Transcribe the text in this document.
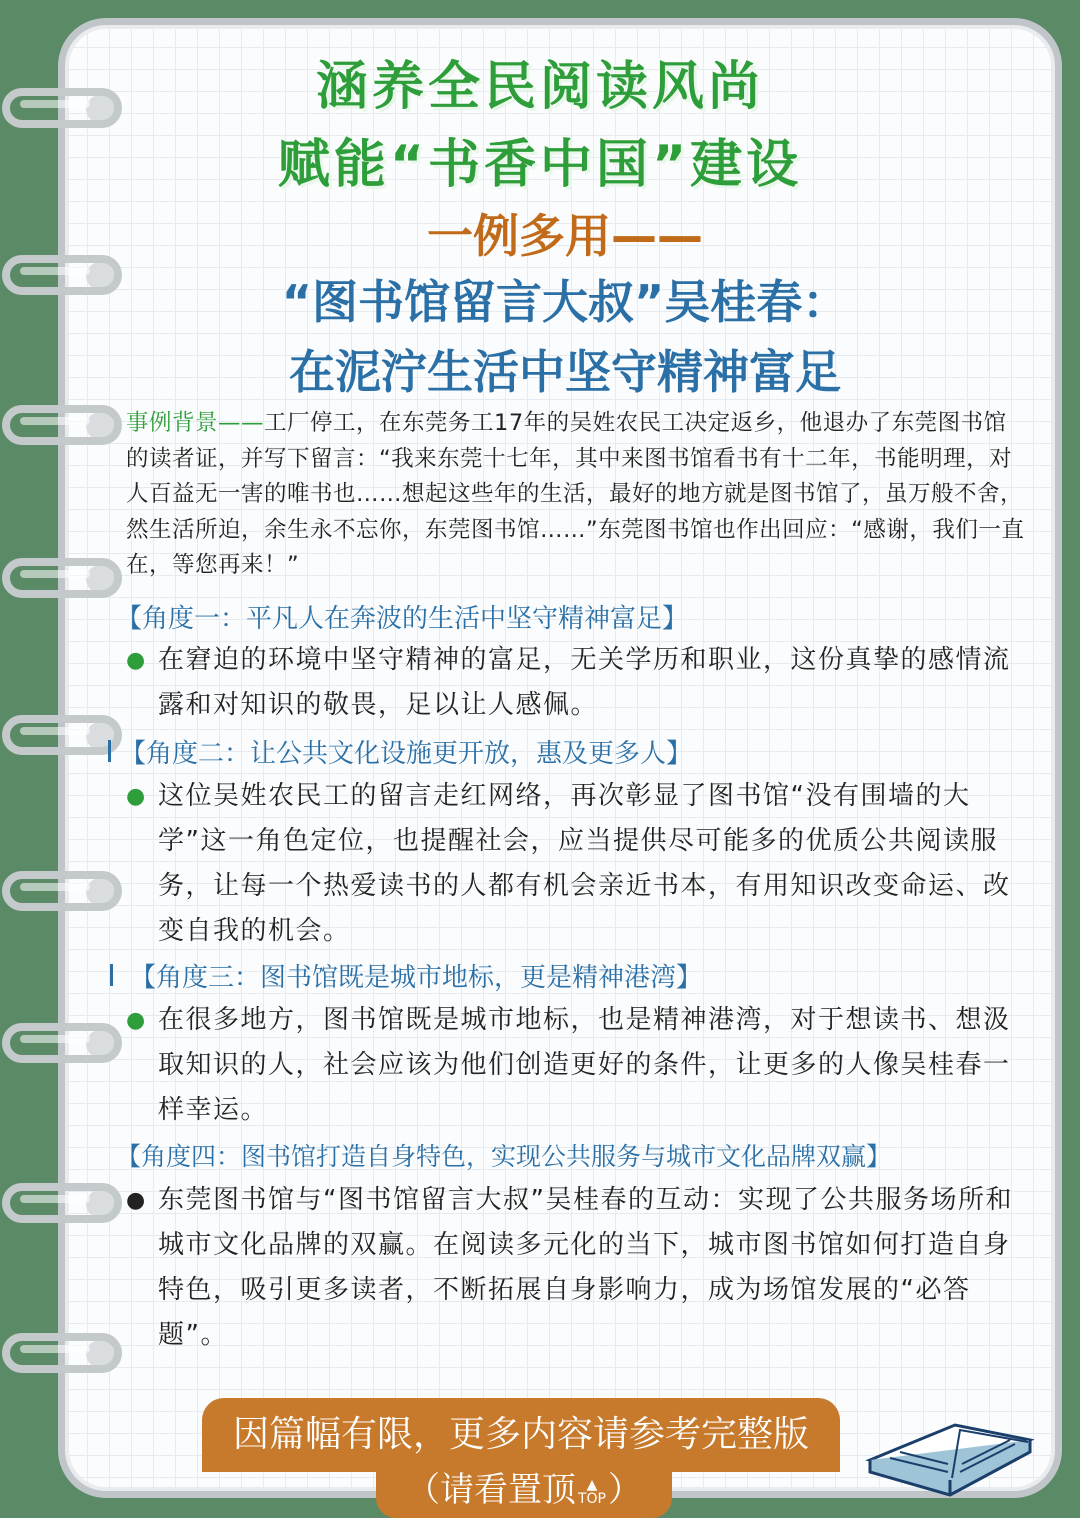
涵养全民阅读风尚
赋能“书香中国”建设
一例多用——
“图书馆留言大叔”吴桂春：
在泥泞生活中坚守精神富足
事例背景——工厂停工，在东莞务工17年的吴姓农民工决定返乡，他退办了东莞图书馆的读者证，并写下留言：“我来东莞十七年，其中来图书馆看书有十二年，书能明理，对人百益无一害的唯书也……想起这些年的生活，最好的地方就是图书馆了，虽万般不舍，然生活所迫，余生永不忘你，东莞图书馆……”东莞图书馆也作出回应：“感谢，我们一直在，等您再来！”
【角度一：平凡人在奔波的生活中坚守精神富足】
● 在窘迫的环境中坚守精神的富足，无关学历和职业，这份真挚的感情流露和对知识的敬畏，足以让人感佩。
【角度二：让公共文化设施更开放，惠及更多人】
● 这位吴姓农民工的留言走红网络，再次彰显了图书馆“没有围墙的大学”这一角色定位，也提醒社会，应当提供尽可能多的优质公共阅读服务，让每一个热爱读书的人都有机会亲近书本，有用知识改变命运、改变自我的机会。
【角度三：图书馆既是城市地标，更是精神港湾】
● 在很多地方，图书馆既是城市地标，也是精神港湾，对于想读书、想汲取知识的人，社会应该为他们创造更好的条件，让更多的人像吴桂春一样幸运。
【角度四：图书馆打造自身特色，实现公共服务与城市文化品牌双赢】
● 东莞图书馆与“图书馆留言大叔”吴桂春的互动：实现了公共服务场所和城市文化品牌的双赢。在阅读多元化的当下，城市图书馆如何打造自身特色，吸引更多读者，不断拓展自身影响力，成为场馆发展的“必答题”。
因篇幅有限，更多内容请参考完整版
（请看置顶 ▲
TOP）
